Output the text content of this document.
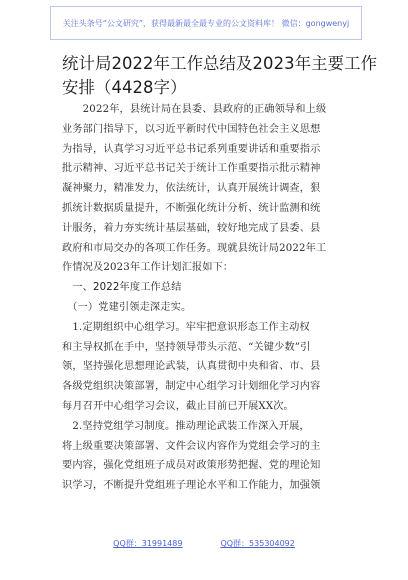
关注头条号“公文研究”，获得最新最全最专业的公文资料库！ 微信：gongwenyj
统计局2022年工作总结及2023年主要工作
安排（4428字）
　　2022年，县统计局在县委、县政府的正确领导和上级
业务部门指导下，以习近平新时代中国特色社会主义思想
为指导，认真学习习近平总书记系列重要讲话和重要指示
批示精神、习近平总书记关于统计工作重要指示批示精神
凝神聚力，精准发力，依法统计，认真开展统计调查，狠
抓统计数据质量提升，不断强化统计分析、统计监测和统
计服务，着力夯实统计基层基础，较好地完成了县委、县
政府和市局交办的各项工作任务。现就县统计局2022年工
作情况及2023年工作计划汇报如下：
　一、2022年度工作总结
　（一）党建引领走深走实。
　1.定期组织中心组学习。牢牢把意识形态工作主动权
和主导权抓在手中，坚持领导带头示范、“关键少数”引
领，坚持强化思想理论武装，认真贯彻中央和省、市、县
各级党组织决策部署，制定中心组学习计划细化学习内容
每月召开中心组学习会议，截止目前已开展XX次。
　2.坚持党组学习制度。推动理论武装工作深入开展，
将上级重要决策部署、文件会议内容作为党组会学习的主
要内容，强化党组班子成员对政策形势把握、党的理论知
识学习，不断提升党组班子理论水平和工作能力，加强领
QQ群：31991489	QQ群：535304092
